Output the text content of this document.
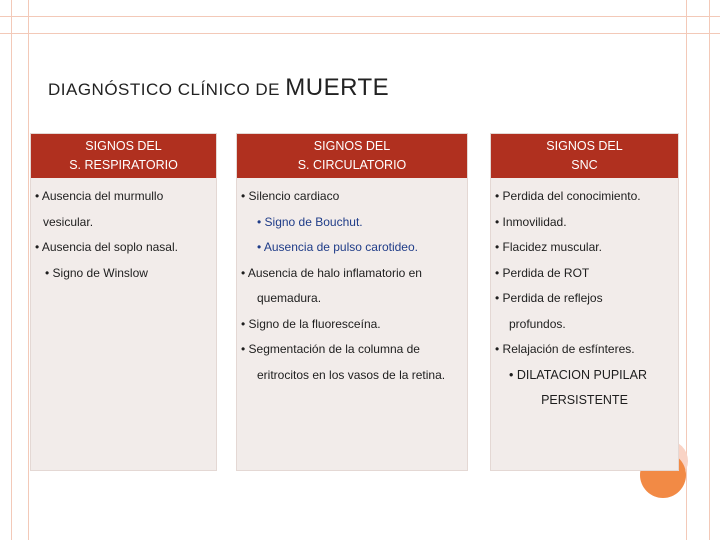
DIAGNÓSTICO CLÍNICO DE MUERTE
SIGNOS DEL
S. RESPIRATORIO
• Ausencia del murmullo
vesicular.
• Ausencia del soplo nasal.
• Signo de Winslow
SIGNOS DEL
S. CIRCULATORIO
• Silencio cardiaco
• Signo de Bouchut.
• Ausencia de pulso carotideo.
• Ausencia de halo inflamatorio en
quemadura.
• Signo de la fluoresceína.
• Segmentación de la columna de
eritrocitos en los vasos de la retina.
SIGNOS DEL
SNC
• Perdida del conocimiento.
• Inmovilidad.
• Flacidez muscular.
• Perdida de ROT
• Perdida de reflejos
profundos.
• Relajación de esfínteres.
• DILATACION PUPILAR
PERSISTENTE
